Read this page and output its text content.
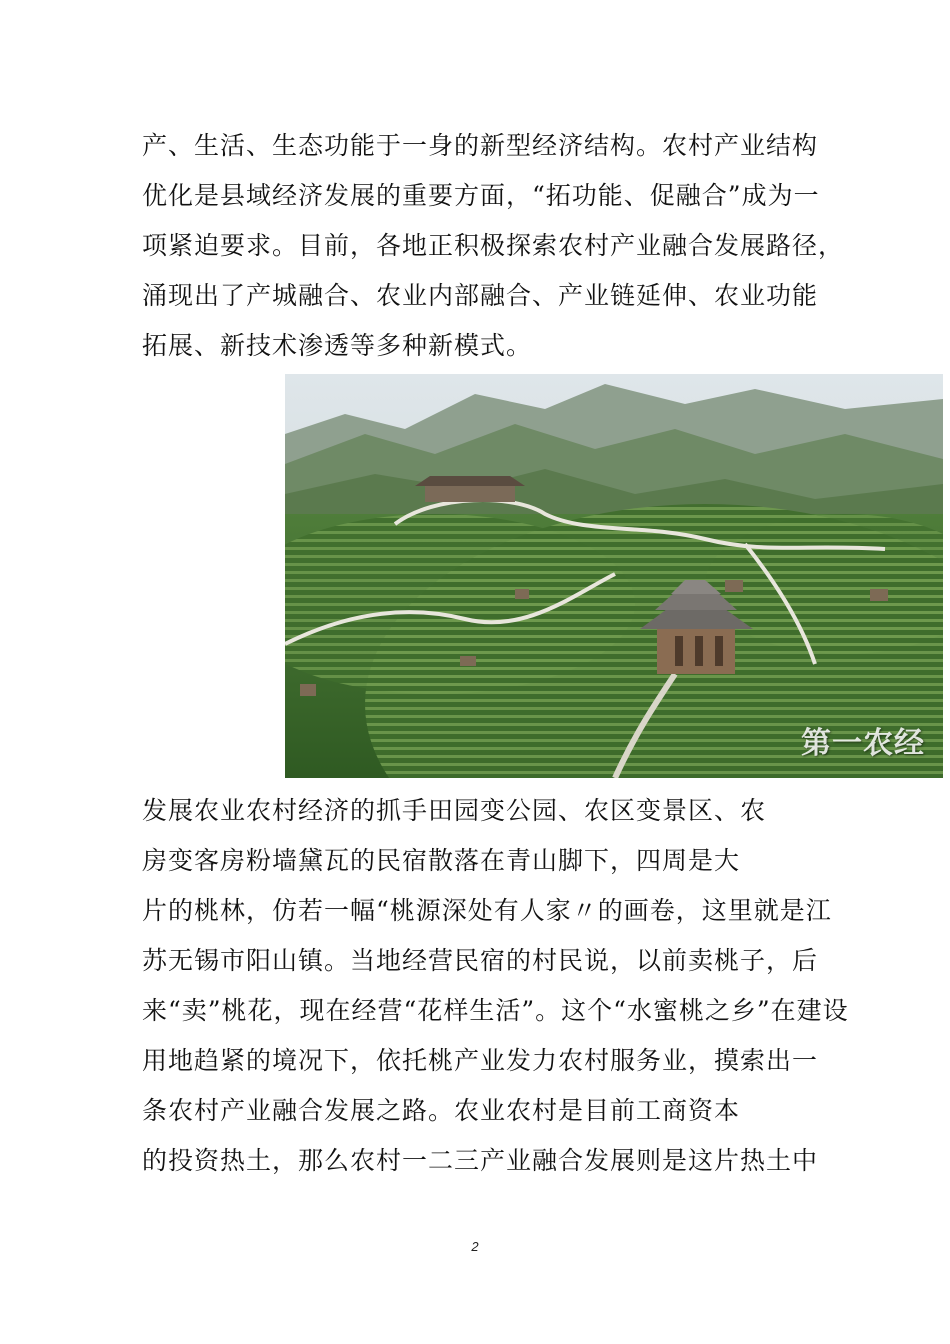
产、生活、生态功能于一身的新型经济结构。农村产业结构
优化是县域经济发展的重要方面，“拓功能、促融合”成为一
项紧迫要求。目前，各地正积极探索农村产业融合发展路径，
涌现出了产城融合、农业内部融合、产业链延伸、农业功能
拓展、新技术渗透等多种新模式。
第一农经
发展农业农村经济的抓手田园变公园、农区变景区、农
房变客房粉墙黛瓦的民宿散落在青山脚下，四周是大
片的桃林，仿若一幅“桃源深处有人家〃的画卷，这里就是江
苏无锡市阳山镇。当地经营民宿的村民说，以前卖桃子，后
来“卖”桃花，现在经营“花样生活”。这个“水蜜桃之乡”在建设
用地趋紧的境况下，依托桃产业发力农村服务业，摸索出一
条农村产业融合发展之路。农业农村是目前工商资本
的投资热土，那么农村一二三产业融合发展则是这片热土中
2
